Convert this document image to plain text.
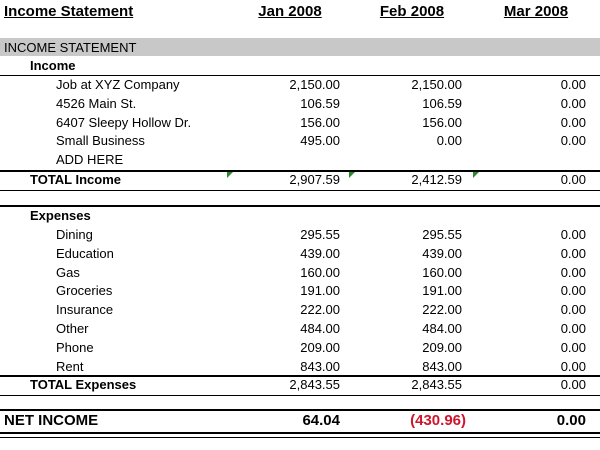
Income Statement	Jan 2008	Feb 2008	Mar 2008
INCOME STATEMENT
Income
Job at XYZ Company	2,150.00	2,150.00	0.00
4526 Main St.	106.59	106.59	0.00
6407 Sleepy Hollow Dr.	156.00	156.00	0.00
Small Business	495.00	0.00	0.00
ADD HERE
TOTAL Income	2,907.59	2,412.59	0.00
Expenses
Dining	295.55	295.55	0.00
Education	439.00	439.00	0.00
Gas	160.00	160.00	0.00
Groceries	191.00	191.00	0.00
Insurance	222.00	222.00	0.00
Other	484.00	484.00	0.00
Phone	209.00	209.00	0.00
Rent	843.00	843.00	0.00
TOTAL Expenses	2,843.55	2,843.55	0.00
NET INCOME	64.04	(430.96)	0.00
